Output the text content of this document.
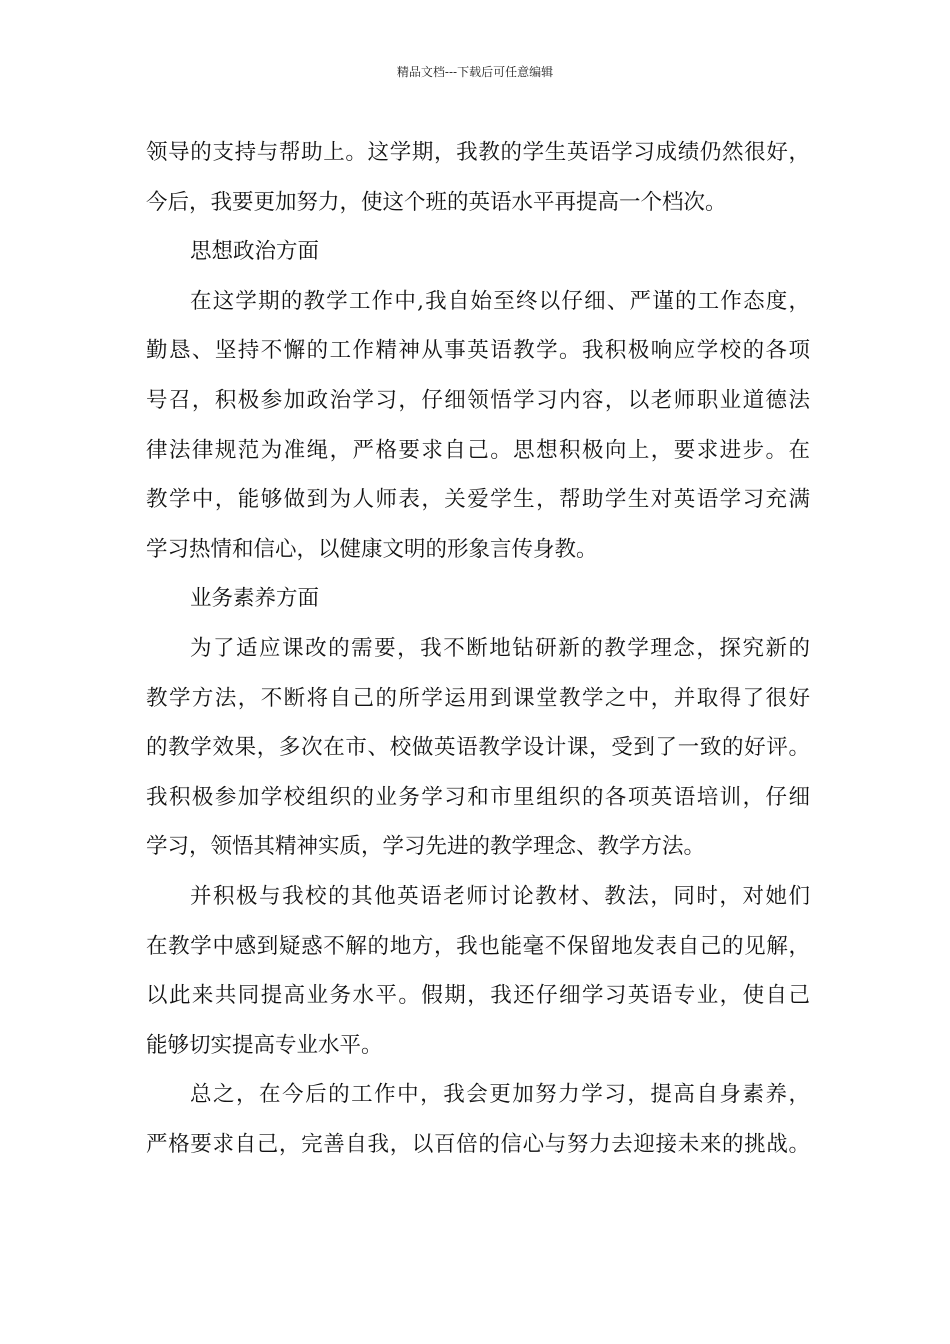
精品文档---下载后可任意编辑
领导的支持与帮助上。这学期，我教的学生英语学习成绩仍然很好，
今后，我要更加努力，使这个班的英语水平再提高一个档次。
思想政治方面
在这学期的教学工作中,我自始至终以仔细、严谨的工作态度，
勤恳、坚持不懈的工作精神从事英语教学。我积极响应学校的各项
号召，积极参加政治学习，仔细领悟学习内容，以老师职业道德法
律法律规范为准绳，严格要求自己。思想积极向上，要求进步。在
教学中，能够做到为人师表，关爱学生，帮助学生对英语学习充满
学习热情和信心，以健康文明的形象言传身教。
业务素养方面
为了适应课改的需要，我不断地钻研新的教学理念，探究新的
教学方法，不断将自己的所学运用到课堂教学之中，并取得了很好
的教学效果，多次在市、校做英语教学设计课，受到了一致的好评。
我积极参加学校组织的业务学习和市里组织的各项英语培训，仔细
学习，领悟其精神实质，学习先进的教学理念、教学方法。
并积极与我校的其他英语老师讨论教材、教法，同时，对她们
在教学中感到疑惑不解的地方，我也能毫不保留地发表自己的见解，
以此来共同提高业务水平。假期，我还仔细学习英语专业，使自己
能够切实提高专业水平。
总之，在今后的工作中，我会更加努力学习，提高自身素养，
严格要求自己，完善自我，以百倍的信心与努力去迎接未来的挑战。
